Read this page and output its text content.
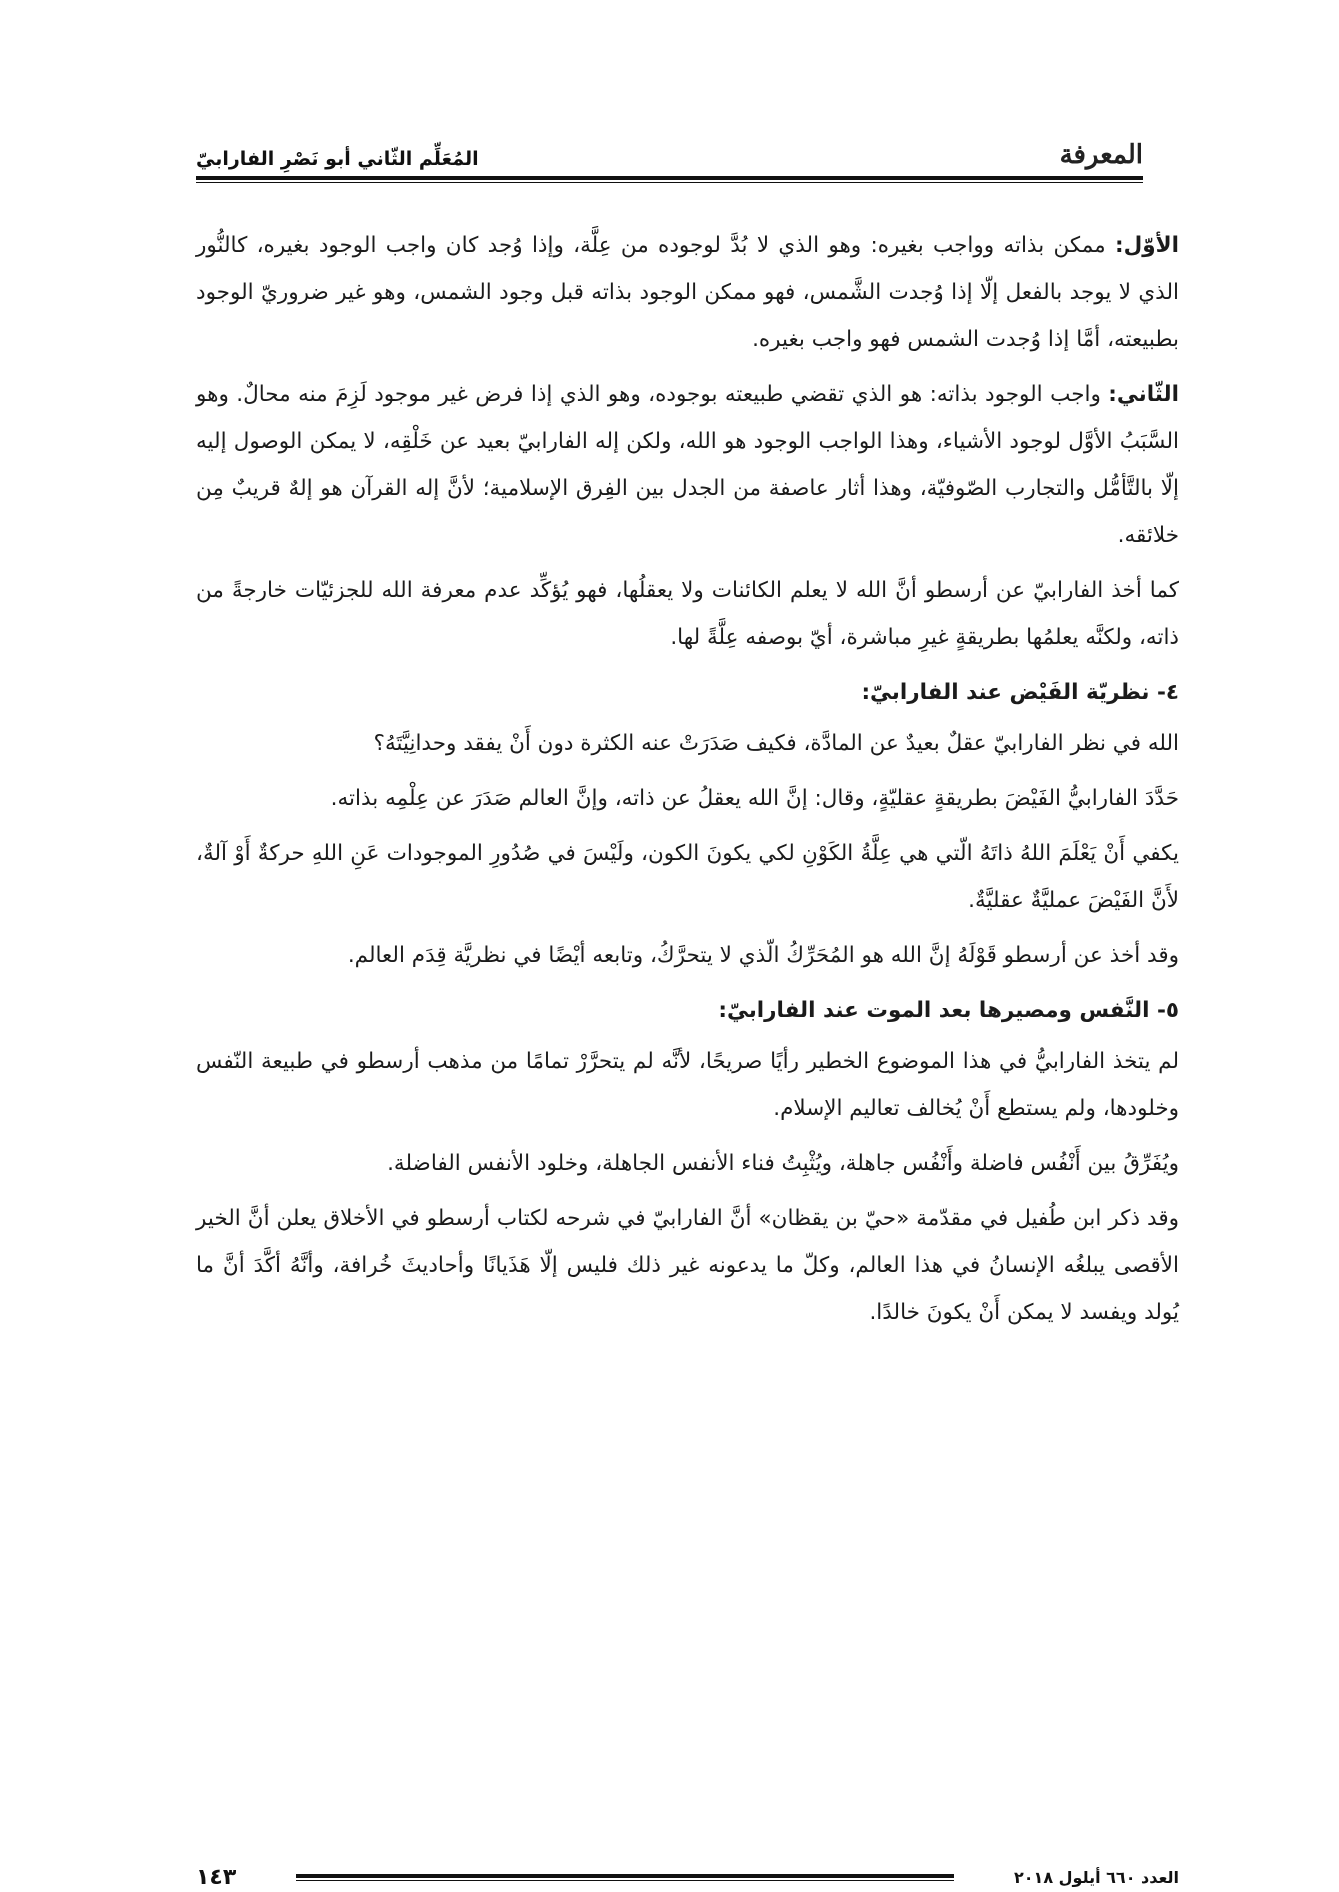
المعرفة
المُعَلِّم الثّاني أبو نَصْرِ الفارابيّ

الأوّل: ممكن بذاته وواجب بغيره: وهو الذي لا بُدَّ لوجوده من عِلَّة، وإذا وُجد كان واجب الوجود بغيره، كالنُّور الذي لا يوجد بالفعل إلّا إذا وُجدت الشَّمس، فهو ممكن الوجود بذاته قبل وجود الشمس، وهو غير ضروريّ الوجود بطبيعته، أمَّا إذا وُجدت الشمس فهو واجب بغيره.

الثّاني: واجب الوجود بذاته: هو الذي تقضي طبيعته بوجوده، وهو الذي إذا فرض غير موجود لَزِمَ منه محالٌ. وهو السَّبَبُ الأوَّل لوجود الأشياء، وهذا الواجب الوجود هو الله، ولكن إله الفارابيّ بعيد عن خَلْقِه، لا يمكن الوصول إليه إلّا بالتَّأمُّل والتجارب الصّوفيّة، وهذا أثار عاصفة من الجدل بين الفِرق الإسلامية؛ لأنَّ إله القرآن هو إلهٌ قريبٌ مِن خلائقه.

كما أخذ الفارابيّ عن أرسطو أنَّ الله لا يعلم الكائنات ولا يعقلُها، فهو يُؤكِّد عدم معرفة الله للجزئيّات خارجةً من ذاته، ولكنَّه يعلمُها بطريقةٍ غيرِ مباشرة، أيّ بوصفه عِلَّةً لها.

٤- نظريّة الفَيْض عند الفارابيّ:

الله في نظر الفارابيّ عقلٌ بعيدٌ عن المادَّة، فكيف صَدَرَتْ عنه الكثرة دون أَنْ يفقد وحدانِيَّتَهُ؟

حَدَّدَ الفارابيُّ الفَيْضَ بطريقةٍ عقليّةٍ، وقال: إنَّ الله يعقلُ عن ذاته، وإنَّ العالم صَدَرَ عن عِلْمِه بذاته.

يكفي أَنْ يَعْلَمَ اللهُ ذاتَهُ الّتي هي عِلَّةُ الكَوْنِ لكي يكونَ الكون، ولَيْسَ في صُدُورِ الموجودات عَنِ اللهِ حركةٌ أَوْ آلةٌ، لأَنَّ الفَيْضَ عمليَّةٌ عقليَّةٌ.

وقد أخذ عن أرسطو قَوْلَهُ إنَّ الله هو المُحَرِّكُ الّذي لا يتحرَّكُ، وتابعه أيْضًا في نظريَّة قِدَم العالم.

٥- النَّفس ومصيرها بعد الموت عند الفارابيّ:

لم يتخذ الفارابيُّ في هذا الموضوع الخطير رأيًا صريحًا، لأنَّه لم يتحرَّرْ تمامًا من مذهب أرسطو في طبيعة النّفس وخلودها، ولم يستطع أَنْ يُخالف تعاليم الإسلام.

ويُفَرِّقُ بين أَنْفُس فاضلة وأَنْفُس جاهلة، ويُثْبِتُ فناء الأنفس الجاهلة، وخلود الأنفس الفاضلة.

وقد ذكر ابن طُفيل في مقدّمة «حيّ بن يقظان» أنَّ الفارابيّ في شرحه لكتاب أرسطو في الأخلاق يعلن أنَّ الخير الأقصى يبلغُه الإنسانُ في هذا العالم، وكلّ ما يدعونه غير ذلك فليس إلّا هَذَيانًا وأحاديثَ خُرافة، وأنَّهُ أكَّدَ أنَّ ما يُولد ويفسد لا يمكن أَنْ يكونَ خالدًا.

العدد ٦٦٠ أيلول ٢٠١٨
١٤٣
